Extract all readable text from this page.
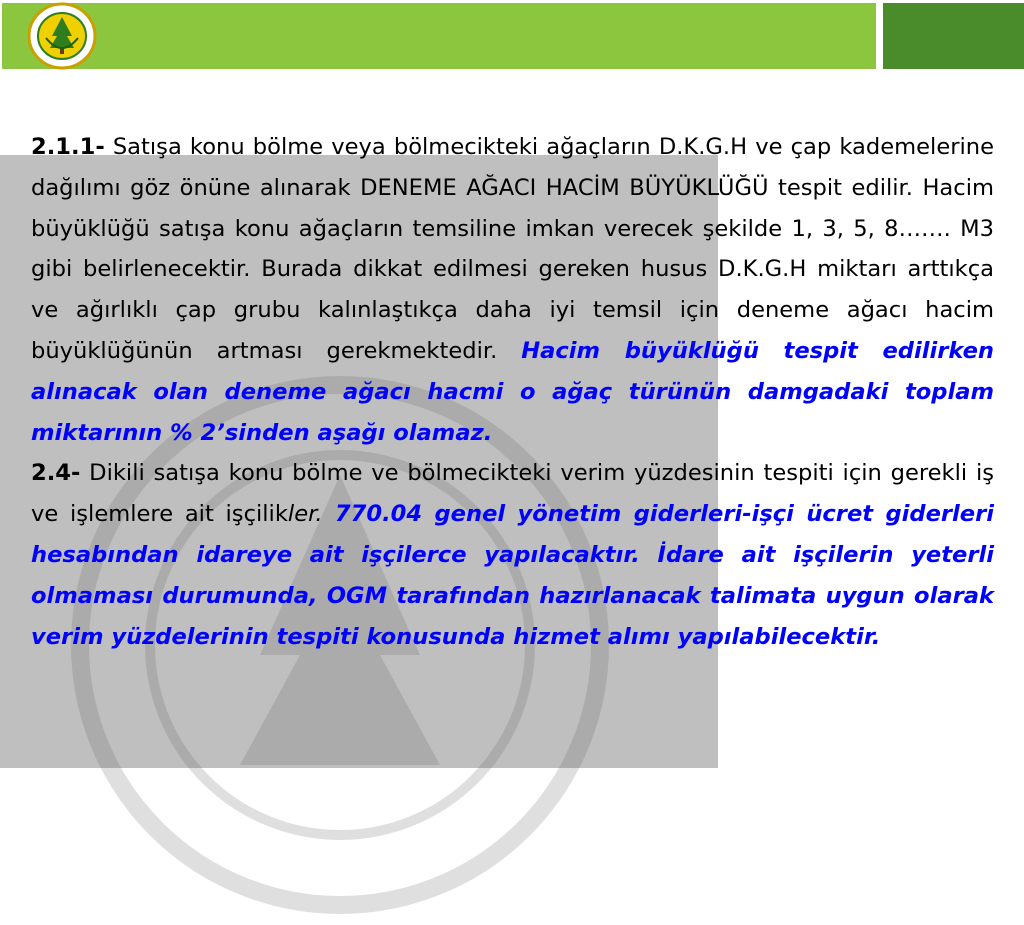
2.1.1- Satışa konu bölme veya bölmecikteki ağaçların D.K.G.H ve çap kademelerine dağılımı göz önüne alınarak DENEME AĞACI HACİM BÜYÜKLÜĞÜ tespit edilir. Hacim büyüklüğü satışa konu ağaçların temsiline imkan verecek şekilde 1, 3, 5, 8……. M3 gibi belirlenecektir. Burada dikkat edilmesi gereken husus D.K.G.H miktarı arttıkça ve ağırlıklı çap grubu kalınlaştıkça daha iyi temsil için deneme ağacı hacim büyüklüğünün artması gerekmektedir. Hacim büyüklüğü tespit edilirken alınacak olan deneme ağacı hacmi o ağaç türünün damgadaki toplam miktarının % 2’sinden aşağı olamaz.

2.4- Dikili satışa konu bölme ve bölmecikteki verim yüzdesinin tespiti için gerekli iş ve işlemlere ait işçilikler. 770.04 genel yönetim giderleri-işçi ücret giderleri hesabından idareye ait işçilerce yapılacaktır. İdare ait işçilerin yeterli olmaması durumunda, OGM tarafından hazırlanacak talimata uygun olarak verim yüzdelerinin tespiti konusunda hizmet alımı yapılabilecektir.
